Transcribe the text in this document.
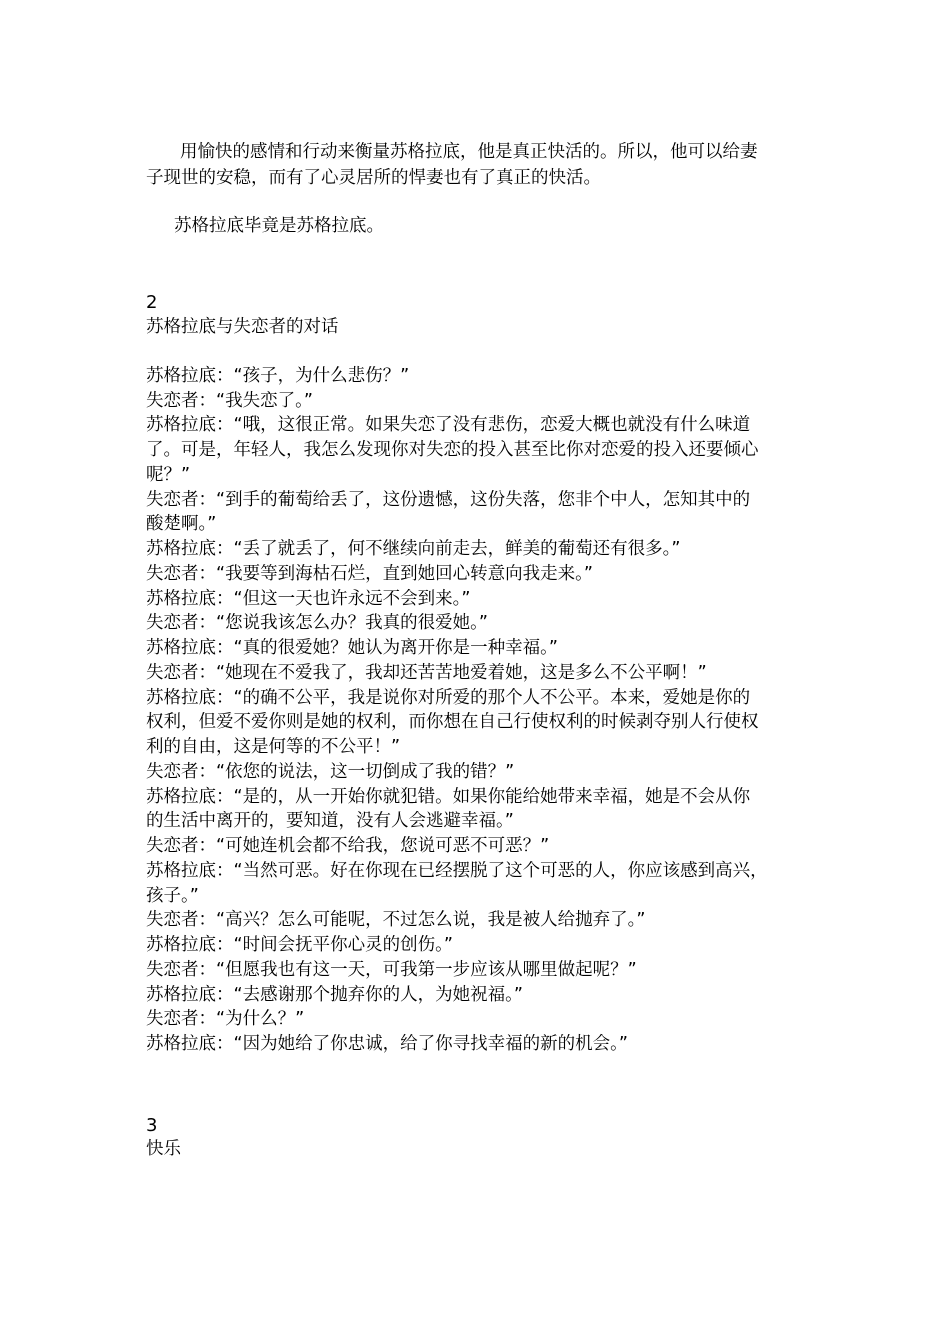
用愉快的感情和行动来衡量苏格拉底，他是真正快活的。所以，他可以给妻

子现世的安稳，而有了心灵居所的悍妻也有了真正的快活。

苏格拉底毕竟是苏格拉底。

2

苏格拉底与失恋者的对话

苏格拉底：“孩子，为什么悲伤？”

失恋者：“我失恋了。”

苏格拉底：“哦，这很正常。如果失恋了没有悲伤，恋爱大概也就没有什么味道

了。可是，年轻人，我怎么发现你对失恋的投入甚至比你对恋爱的投入还要倾心

呢？”

失恋者：“到手的葡萄给丢了，这份遗憾，这份失落，您非个中人，怎知其中的

酸楚啊。”

苏格拉底：“丢了就丢了，何不继续向前走去，鲜美的葡萄还有很多。”

失恋者：“我要等到海枯石烂，直到她回心转意向我走来。”

苏格拉底：“但这一天也许永远不会到来。”

失恋者：“您说我该怎么办？我真的很爱她。”

苏格拉底：“真的很爱她？她认为离开你是一种幸福。”

失恋者：“她现在不爱我了，我却还苦苦地爱着她，这是多么不公平啊！”

苏格拉底：“的确不公平，我是说你对所爱的那个人不公平。本来，爱她是你的

权利，但爱不爱你则是她的权利，而你想在自己行使权利的时候剥夺别人行使权

利的自由，这是何等的不公平！”

失恋者：“依您的说法，这一切倒成了我的错？”

苏格拉底：“是的，从一开始你就犯错。如果你能给她带来幸福，她是不会从你

的生活中离开的，要知道，没有人会逃避幸福。”

失恋者：“可她连机会都不给我，您说可恶不可恶？”

苏格拉底：“当然可恶。好在你现在已经摆脱了这个可恶的人，你应该感到高兴，

孩子。”

失恋者：“高兴？怎么可能呢，不过怎么说，我是被人给抛弃了。”

苏格拉底：“时间会抚平你心灵的创伤。”

失恋者：“但愿我也有这一天，可我第一步应该从哪里做起呢？”

苏格拉底：“去感谢那个抛弃你的人，为她祝福。”

失恋者：“为什么？”

苏格拉底：“因为她给了你忠诚，给了你寻找幸福的新的机会。”

3

快乐
